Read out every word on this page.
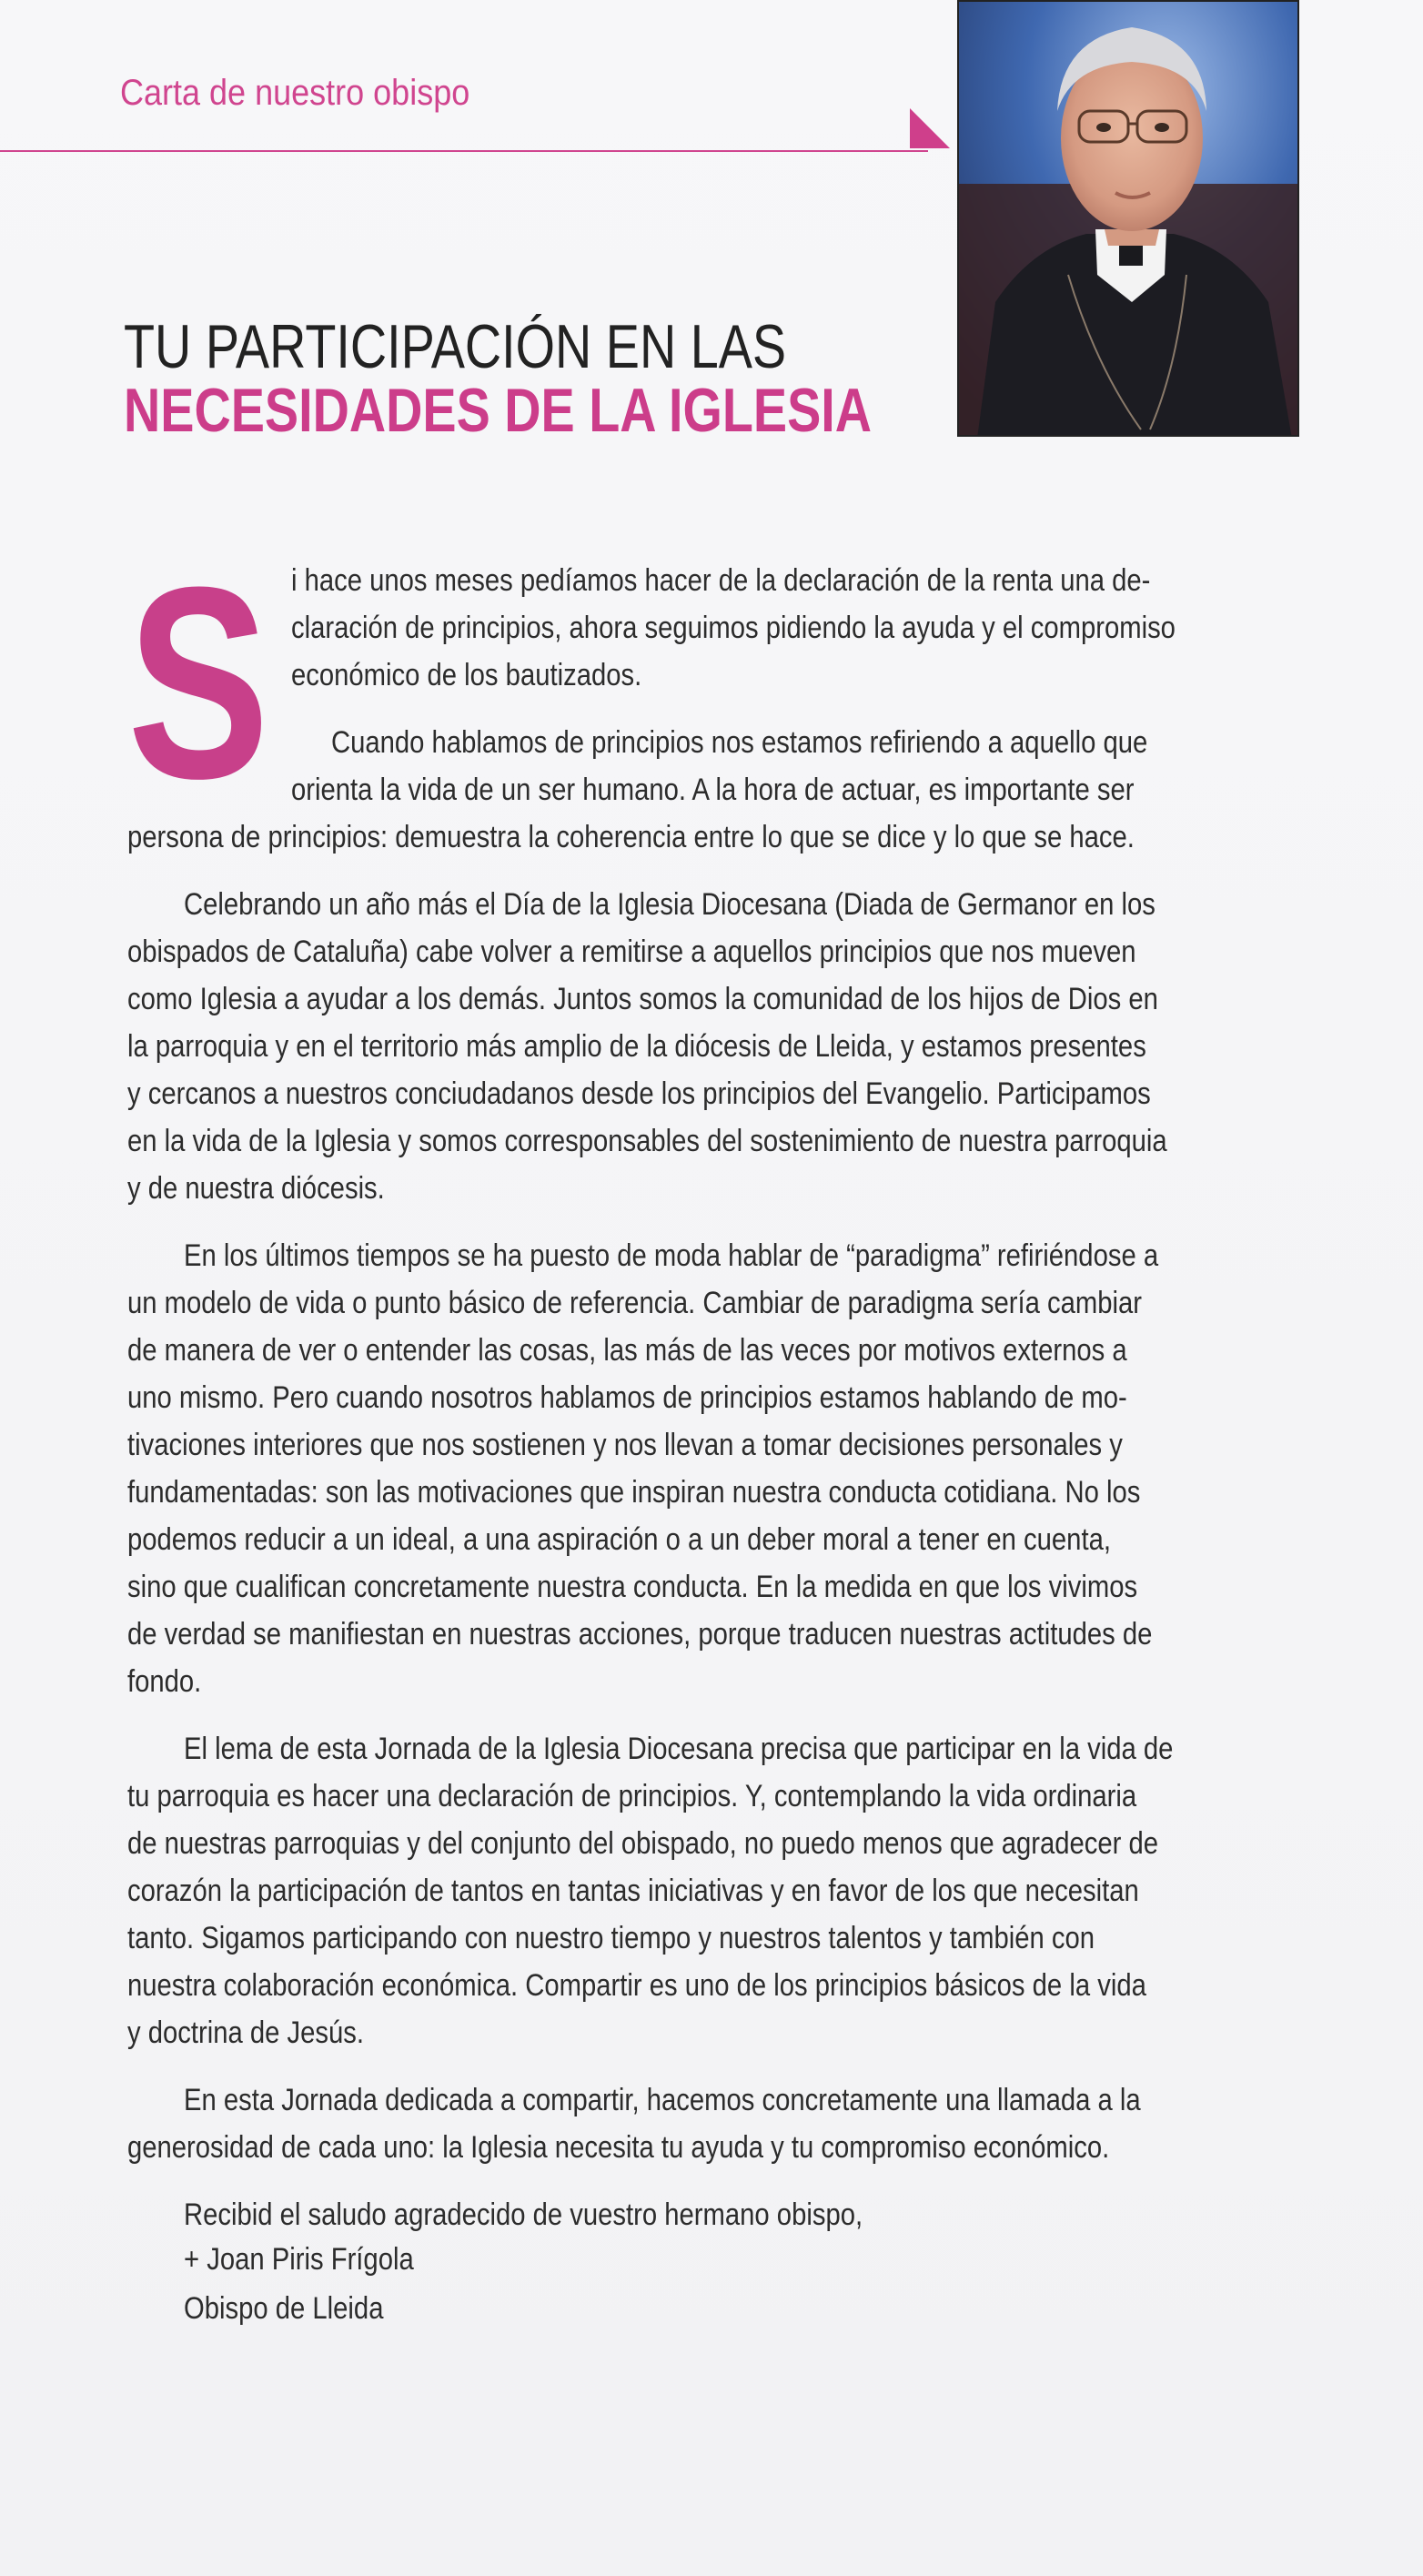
Carta de nuestro obispo
TU PARTICIPACIÓN EN LAS
NECESIDADES DE LA IGLESIA
S i hace unos meses pedíamos hacer de la declaración de la renta una de-
claración de principios, ahora seguimos pidiendo la ayuda y el compromiso
económico de los bautizados.
Cuando hablamos de principios nos estamos refiriendo a aquello que
orienta la vida de un ser humano. A la hora de actuar, es importante ser
persona de principios: demuestra la coherencia entre lo que se dice y lo que se hace.
Celebrando un año más el Día de la Iglesia Diocesana (Diada de Germanor en los
obispados de Cataluña) cabe volver a remitirse a aquellos principios que nos mueven
como Iglesia a ayudar a los demás. Juntos somos la comunidad de los hijos de Dios en
la parroquia y en el territorio más amplio de la diócesis de Lleida, y estamos presentes
y cercanos a nuestros conciudadanos desde los principios del Evangelio. Participamos
en la vida de la Iglesia y somos corresponsables del sostenimiento de nuestra parroquia
y de nuestra diócesis.
En los últimos tiempos se ha puesto de moda hablar de “paradigma” refiriéndose a
un modelo de vida o punto básico de referencia. Cambiar de paradigma sería cambiar
de manera de ver o entender las cosas, las más de las veces por motivos externos a
uno mismo. Pero cuando nosotros hablamos de principios estamos hablando de mo-
tivaciones interiores que nos sostienen y nos llevan a tomar decisiones personales y
fundamentadas: son las motivaciones que inspiran nuestra conducta cotidiana. No los
podemos reducir a un ideal, a una aspiración o a un deber moral a tener en cuenta,
sino que cualifican concretamente nuestra conducta. En la medida en que los vivimos
de verdad se manifiestan en nuestras acciones, porque traducen nuestras actitudes de
fondo.
El lema de esta Jornada de la Iglesia Diocesana precisa que participar en la vida de
tu parroquia es hacer una declaración de principios. Y, contemplando la vida ordinaria
de nuestras parroquias y del conjunto del obispado, no puedo menos que agradecer de
corazón la participación de tantos en tantas iniciativas y en favor de los que necesitan
tanto. Sigamos participando con nuestro tiempo y nuestros talentos y también con
nuestra colaboración económica. Compartir es uno de los principios básicos de la vida
y doctrina de Jesús.
En esta Jornada dedicada a compartir, hacemos concretamente una llamada a la
generosidad de cada uno: la Iglesia necesita tu ayuda y tu compromiso económico.
Recibid el saludo agradecido de vuestro hermano obispo,
+ Joan Piris Frígola
Obispo de Lleida
